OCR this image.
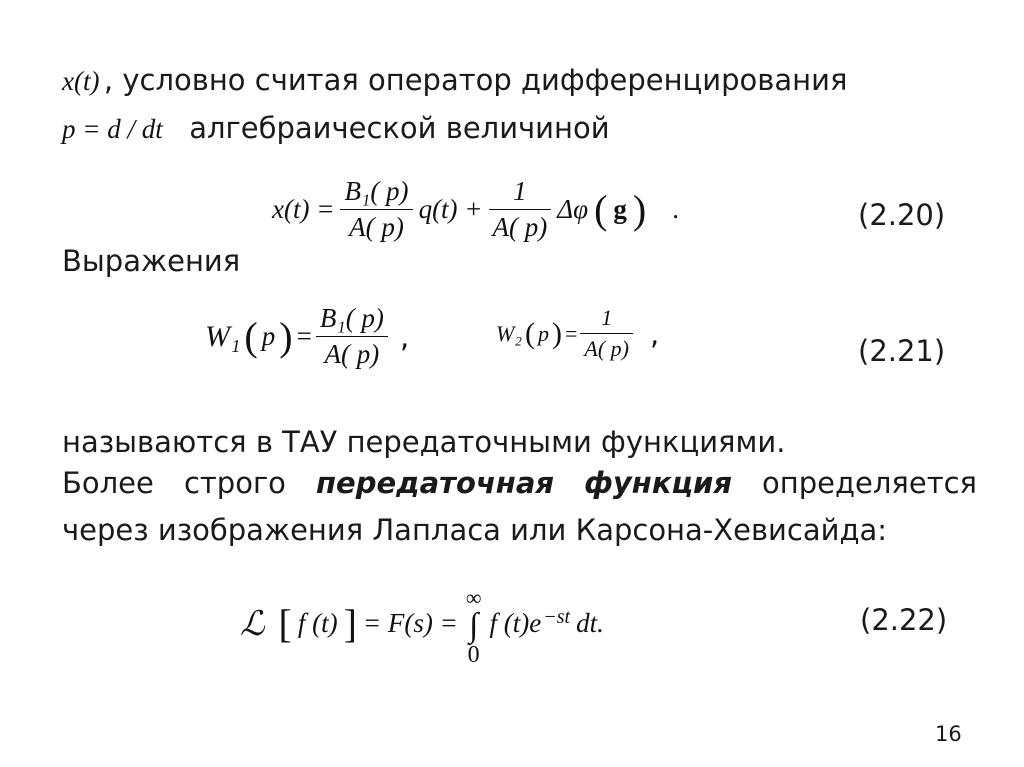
x(t) , условно считая оператор дифференцирования
p = d / dt алгебраической величиной
$x(t) = \frac{\text{B₁( p)}}{A( p)} q(t) + \frac{1}{A( p)}$ Δφ ( g ) .	(2.20)
Выражения
W₁ ( p ) = $\frac{\text{B₁( p)}}{A( p)}$ ,	W₂ ( p ) = $\frac{1}{A( p)}$ ,
(2.21)
называются в ТАУ передаточными функциями.
Более строго передаточная функция определяется
через изображения Лапласа или Карсона-Хевисайда:
ℒ [ f (t) ] = F(s) =
∞
∫
0
f $(t)e^{-st}$ dt.	(2.22)
16
